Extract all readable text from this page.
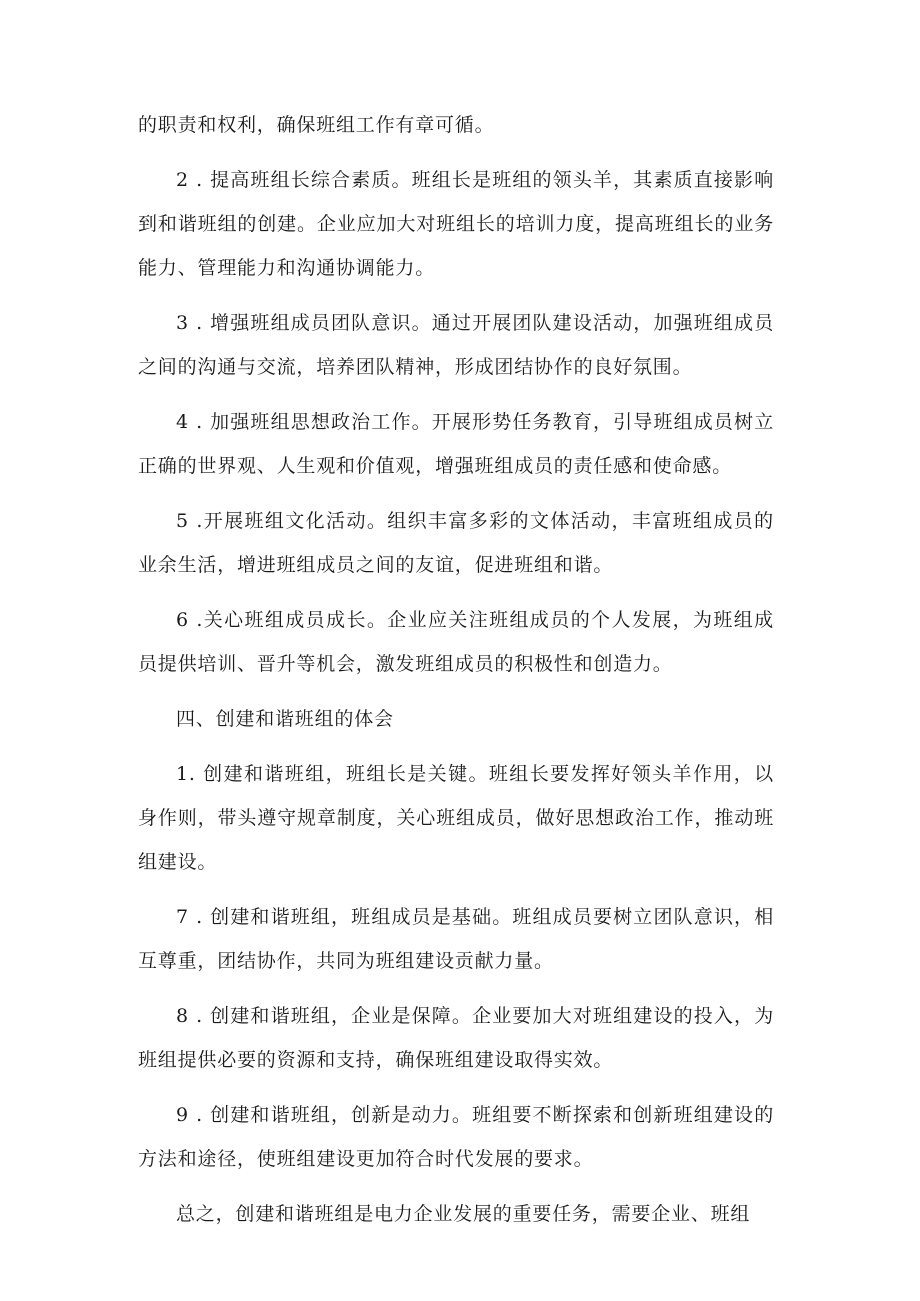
的职责和权利，确保班组工作有章可循。

2 . 提高班组长综合素质。班组长是班组的领头羊，其素质直接影响到和谐班组的创建。企业应加大对班组长的培训力度，提高班组长的业务能力、管理能力和沟通协调能力。

3 . 增强班组成员团队意识。通过开展团队建设活动，加强班组成员之间的沟通与交流，培养团队精神，形成团结协作的良好氛围。

4 . 加强班组思想政治工作。开展形势任务教育，引导班组成员树立正确的世界观、人生观和价值观，增强班组成员的责任感和使命感。

5 .开展班组文化活动。组织丰富多彩的文体活动，丰富班组成员的业余生活，增进班组成员之间的友谊，促进班组和谐。

6 .关心班组成员成长。企业应关注班组成员的个人发展，为班组成员提供培训、晋升等机会，激发班组成员的积极性和创造力。

四、创建和谐班组的体会

1. 创建和谐班组，班组长是关键。班组长要发挥好领头羊作用，以身作则，带头遵守规章制度，关心班组成员，做好思想政治工作，推动班组建设。

7 . 创建和谐班组，班组成员是基础。班组成员要树立团队意识，相互尊重，团结协作，共同为班组建设贡献力量。

8 . 创建和谐班组，企业是保障。企业要加大对班组建设的投入，为班组提供必要的资源和支持，确保班组建设取得实效。

9 . 创建和谐班组，创新是动力。班组要不断探索和创新班组建设的方法和途径，使班组建设更加符合时代发展的要求。

总之，创建和谐班组是电力企业发展的重要任务，需要企业、班组
